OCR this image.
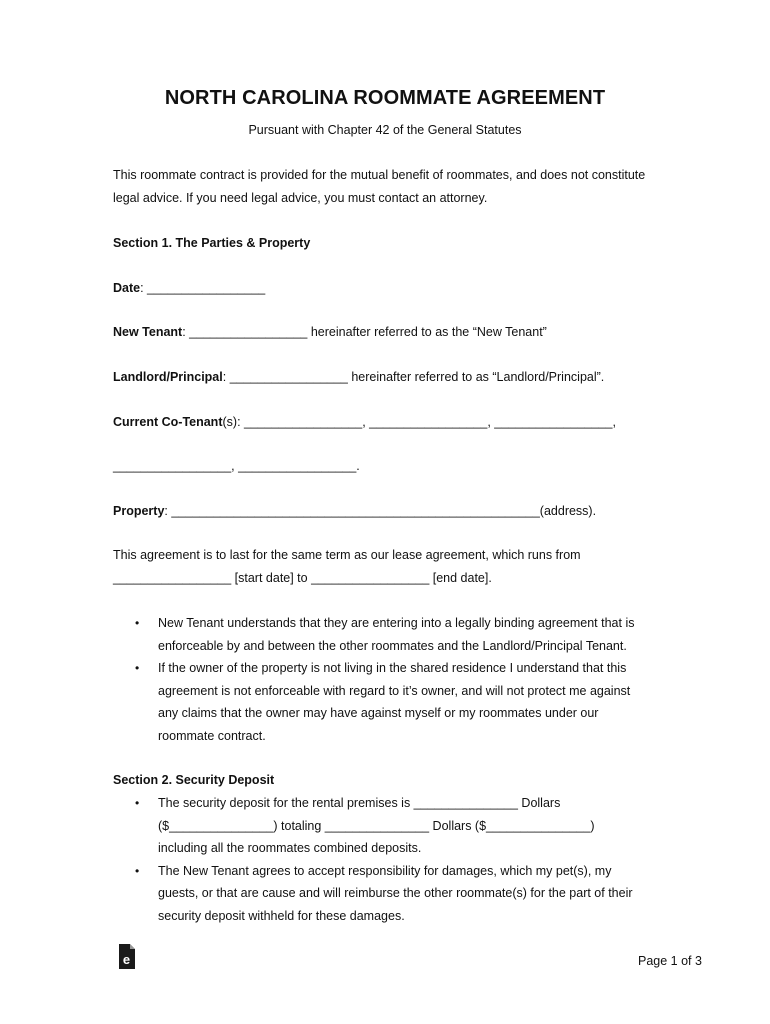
NORTH CAROLINA ROOMMATE AGREEMENT
Pursuant with Chapter 42 of the General Statutes
This roommate contract is provided for the mutual benefit of roommates, and does not constitute
legal advice. If you need legal advice, you must contact an attorney.
Section 1. The Parties & Property
Date: _________________
New Tenant: _________________ hereinafter referred to as the “New Tenant”
Landlord/Principal: _________________ hereinafter referred to as “Landlord/Principal”.
Current Co-Tenant(s): _________________, _________________, _________________,
_________________, _________________.
Property: _____________________________________________________(address).
This agreement is to last for the same term as our lease agreement, which runs from
_________________ [start date] to _________________ [end date].
• New Tenant understands that they are entering into a legally binding agreement that is
enforceable by and between the other roommates and the Landlord/Principal Tenant.
• If the owner of the property is not living in the shared residence I understand that this
agreement is not enforceable with regard to it’s owner, and will not protect me against
any claims that the owner may have against myself or my roommates under our
roommate contract.
Section 2. Security Deposit
• The security deposit for the rental premises is _______________ Dollars
($_______________) totaling _______________ Dollars ($_______________)
including all the roommates combined deposits.
• The New Tenant agrees to accept responsibility for damages, which my pet(s), my
guests, or that are cause and will reimburse the other roommate(s) for the part of their
security deposit withheld for these damages.
e	Page 1 of 3
